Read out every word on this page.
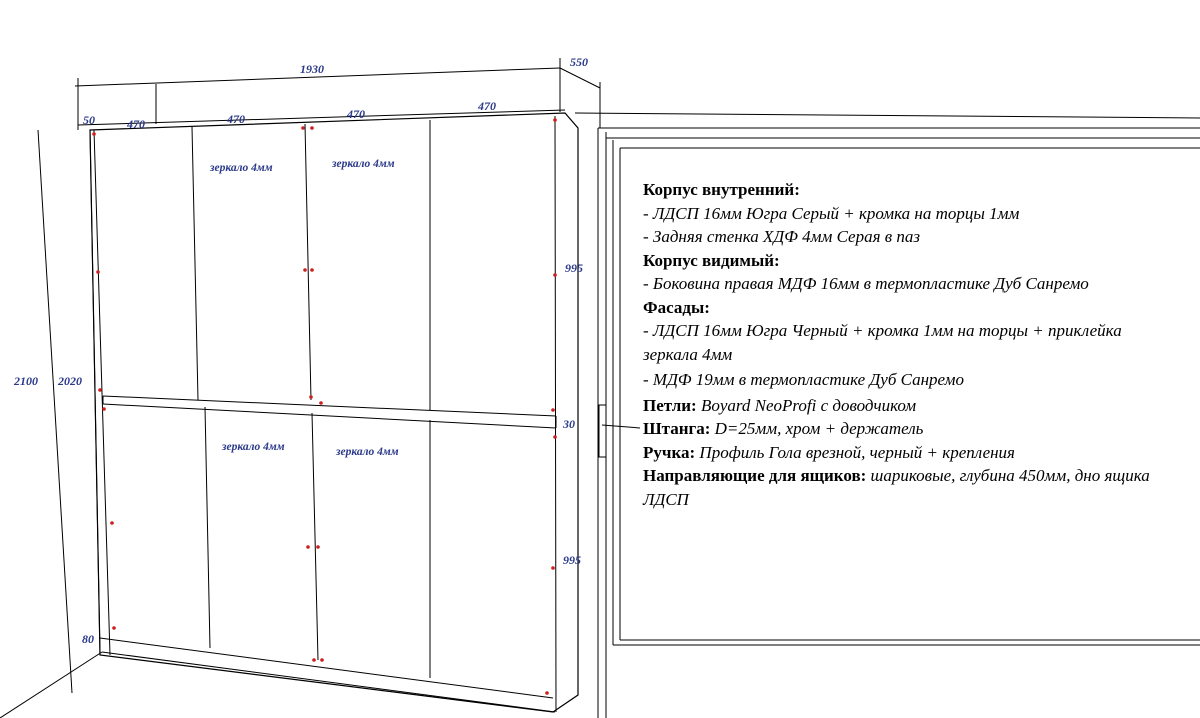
1930	550
50	470	470	470
470
2100 2020
80
995
30
995
зеркало 4мм	зеркало 4мм
зеркало 4мм	зеркало 4мм
Корпус внутренний:
- ЛДСП 16мм Югра Серый + кромка на торцы 1мм
- Задняя стенка ХДФ 4мм Серая в паз
Корпус видимый:
- Боковина правая МДФ 16мм в термопластике Дуб Санремо
Фасады:
- ЛДСП 16мм Югра Черный + кромка 1мм на торцы + приклейка зеркала 4мм
- МДФ 19мм в термопластике Дуб Санремо
Петли: Boyard NeoProfi с доводчиком
Штанга: D=25мм, хром + держатель
Ручка: Профиль Гола врезной, черный + крепления
Направляющие для ящиков: шариковые, глубина 450мм, дно ящика ЛДСП
